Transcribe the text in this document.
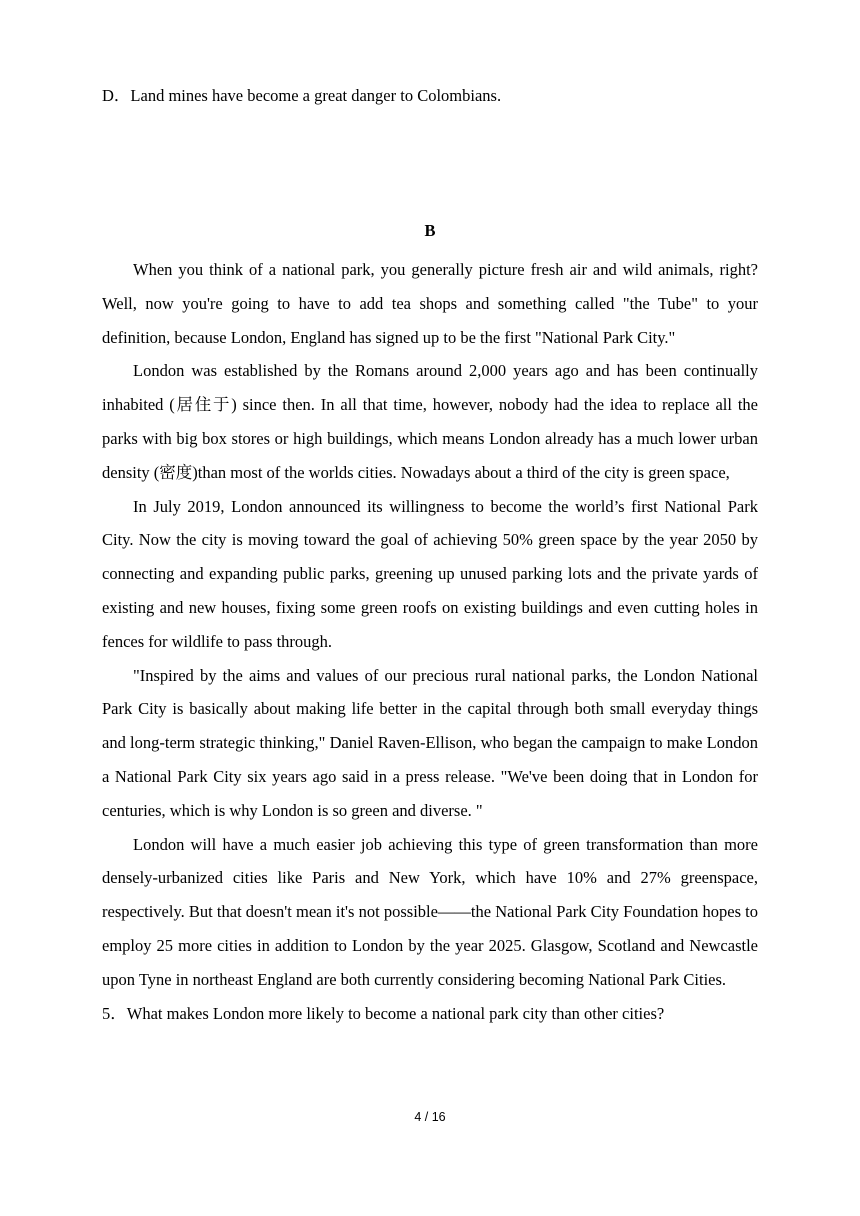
D．Land mines have become a great danger to Colombians.
B

When you think of a national park, you generally picture fresh air and wild animals, right? Well, now you're going to have to add tea shops and something called "the Tube" to your definition, because London, England has signed up to be the first "National Park City."

London was established by the Romans around 2,000 years ago and has been continually inhabited (居住于) since then. In all that time, however, nobody had the idea to replace all the parks with big box stores or high buildings, which means London already has a much lower urban density (密度)than most of the worlds cities. Nowadays about a third of the city is green space,

In July 2019, London announced its willingness to become the world’s first National Park City. Now the city is moving toward the goal of achieving 50% green space by the year 2050 by connecting and expanding public parks, greening up unused parking lots and the private yards of existing and new houses, fixing some green roofs on existing buildings and even cutting holes in fences for wildlife to pass through.

"Inspired by the aims and values of our precious rural national parks, the London National Park City is basically about making life better in the capital through both small everyday things and long-term strategic thinking," Daniel Raven-Ellison, who began the campaign to make London a National Park City six years ago said in a press release. "We've been doing that in London for centuries, which is why London is so green and diverse. "

London will have a much easier job achieving this type of green transformation than more densely-urbanized cities like Paris and New York, which have 10% and 27% greenspace, respectively. But that doesn't mean it's not possible——the National Park City Foundation hopes to employ 25 more cities in addition to London by the year 2025. Glasgow, Scotland and Newcastle upon Tyne in northeast England are both currently considering becoming National Park Cities.

5．What makes London more likely to become a national park city than other cities?

4 / 16
